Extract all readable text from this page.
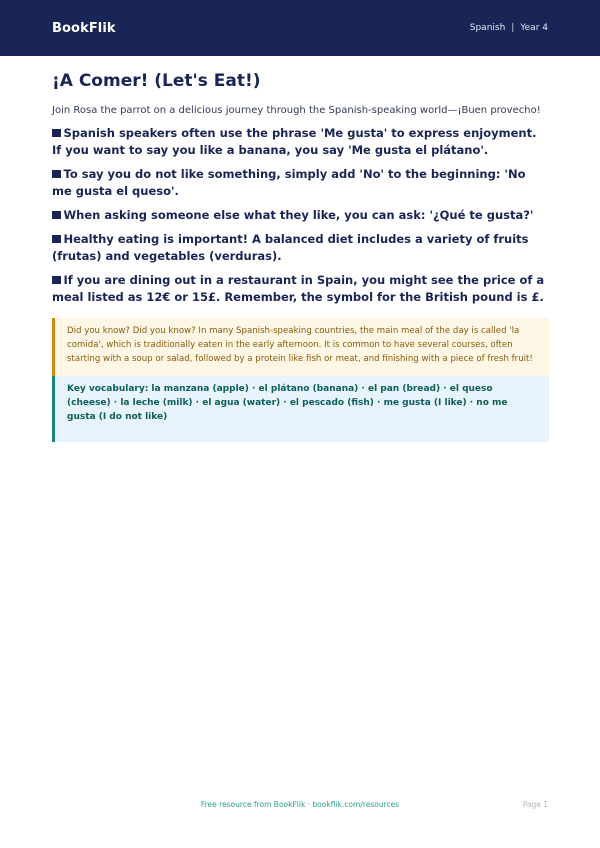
BookFlik	Spanish | Year 4
¡A Comer! (Let's Eat!)
Join Rosa the parrot on a delicious journey through the Spanish-speaking world—¡Buen provecho!
Spanish speakers often use the phrase 'Me gusta' to express enjoyment. If you want to say you like a banana, you say 'Me gusta el plátano'.
To say you do not like something, simply add 'No' to the beginning: 'No me gusta el queso'.
When asking someone else what they like, you can ask: '¿Qué te gusta?'
Healthy eating is important! A balanced diet includes a variety of fruits (frutas) and vegetables (verduras).
If you are dining out in a restaurant in Spain, you might see the price of a meal listed as 12€ or 15£. Remember, the symbol for the British pound is £.
Did you know? Did you know? In many Spanish-speaking countries, the main meal of the day is called 'la comida', which is traditionally eaten in the early afternoon. It is common to have several courses, often starting with a soup or salad, followed by a protein like fish or meat, and finishing with a piece of fresh fruit!
Key vocabulary: la manzana (apple) · el plátano (banana) · el pan (bread) · el queso (cheese) · la leche (milk) · el agua (water) · el pescado (fish) · me gusta (I like) · no me gusta (I do not like)
Free resource from BookFlik · bookflik.com/resources	Page 1
